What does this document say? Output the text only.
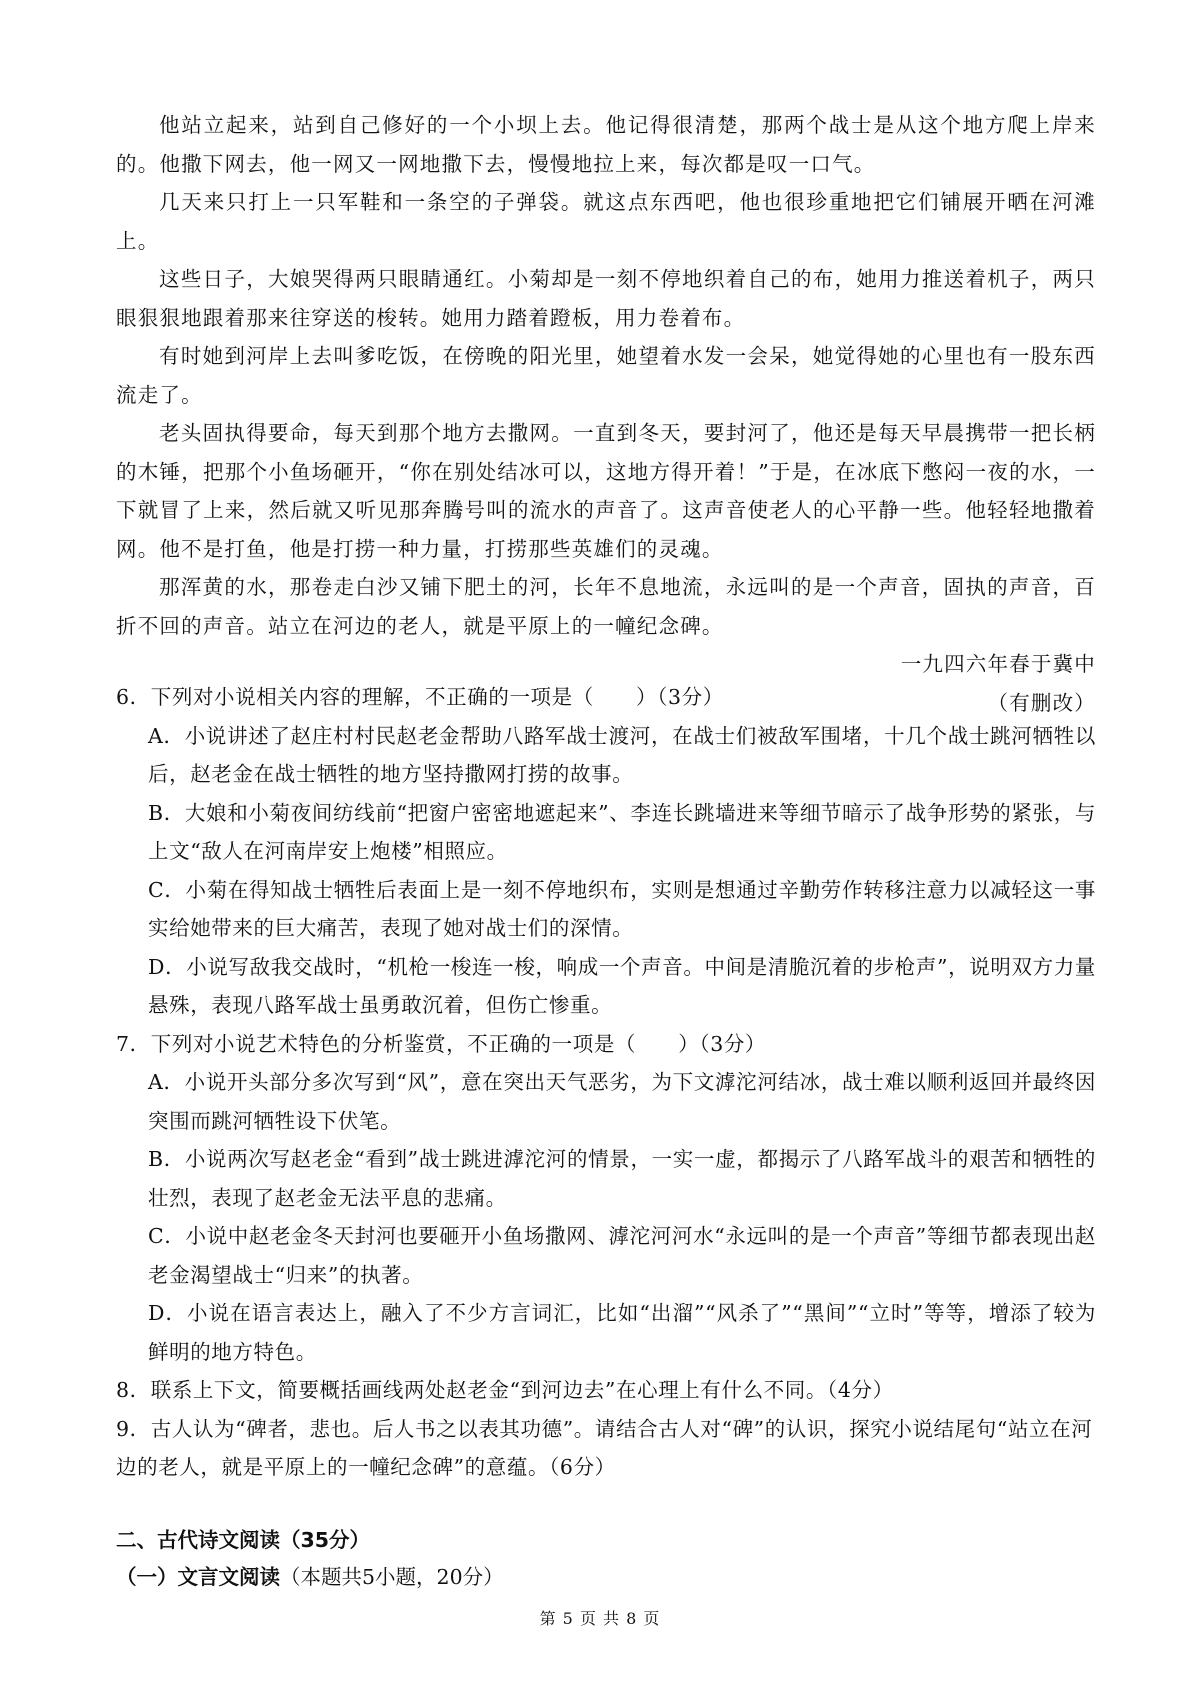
他站立起来，站到自己修好的一个小坝上去。他记得很清楚，那两个战士是从这个地方爬上岸来的。他撒下网去，他一网又一网地撒下去，慢慢地拉上来，每次都是叹一口气。

几天来只打上一只军鞋和一条空的子弹袋。就这点东西吧，他也很珍重地把它们铺展开晒在河滩上。

这些日子，大娘哭得两只眼睛通红。小菊却是一刻不停地织着自己的布，她用力推送着机子，两只眼狠狠地跟着那来往穿送的梭转。她用力踏着蹬板，用力卷着布。

有时她到河岸上去叫爹吃饭，在傍晚的阳光里，她望着水发一会呆，她觉得她的心里也有一股东西流走了。

老头固执得要命，每天到那个地方去撒网。一直到冬天，要封河了，他还是每天早晨携带一把长柄的木锤，把那个小鱼场砸开，“你在别处结冰可以，这地方得开着！”于是，在冰底下憋闷一夜的水，一下就冒了上来，然后就又听见那奔腾号叫的流水的声音了。这声音使老人的心平静一些。他轻轻地撒着网。他不是打鱼，他是打捞一种力量，打捞那些英雄们的灵魂。

那浑黄的水，那卷走白沙又铺下肥土的河，长年不息地流，永远叫的是一个声音，固执的声音，百折不回的声音。站立在河边的老人，就是平原上的一幢纪念碑。

一九四六年春于冀中

（有删改）

6．下列对小说相关内容的理解，不正确的一项是（　　）（3分）
A．小说讲述了赵庄村村民赵老金帮助八路军战士渡河，在战士们被敌军围堵，十几个战士跳河牺牲以后，赵老金在战士牺牲的地方坚持撒网打捞的故事。
B．大娘和小菊夜间纺线前“把窗户密密地遮起来”、李连长跳墙进来等细节暗示了战争形势的紧张，与上文“敌人在河南岸安上炮楼”相照应。
C．小菊在得知战士牺牲后表面上是一刻不停地织布，实则是想通过辛勤劳作转移注意力以减轻这一事实给她带来的巨大痛苦，表现了她对战士们的深情。
D．小说写敌我交战时，“机枪一梭连一梭，响成一个声音。中间是清脆沉着的步枪声”，说明双方力量悬殊，表现八路军战士虽勇敢沉着，但伤亡惨重。
7．下列对小说艺术特色的分析鉴赏，不正确的一项是（　　）（3分）
A．小说开头部分多次写到“风”，意在突出天气恶劣，为下文滹沱河结冰，战士难以顺利返回并最终因突围而跳河牺牲设下伏笔。
B．小说两次写赵老金“看到”战士跳进滹沱河的情景，一实一虚，都揭示了八路军战斗的艰苦和牺牲的壮烈，表现了赵老金无法平息的悲痛。
C．小说中赵老金冬天封河也要砸开小鱼场撒网、滹沱河河水“永远叫的是一个声音”等细节都表现出赵老金渴望战士“归来”的执著。
D．小说在语言表达上，融入了不少方言词汇，比如“出溜”“风杀了”“黑间”“立时”等等，增添了较为鲜明的地方特色。
8．联系上下文，简要概括画线两处赵老金“到河边去”在心理上有什么不同。（4分）
9．古人认为“碑者，悲也。后人书之以表其功德”。请结合古人对“碑”的认识，探究小说结尾句“站立在河边的老人，就是平原上的一幢纪念碑”的意蕴。（6分）

二、古代诗文阅读（35分）

（一）文言文阅读（本题共5小题，20分）

第 5 页 共 8 页
